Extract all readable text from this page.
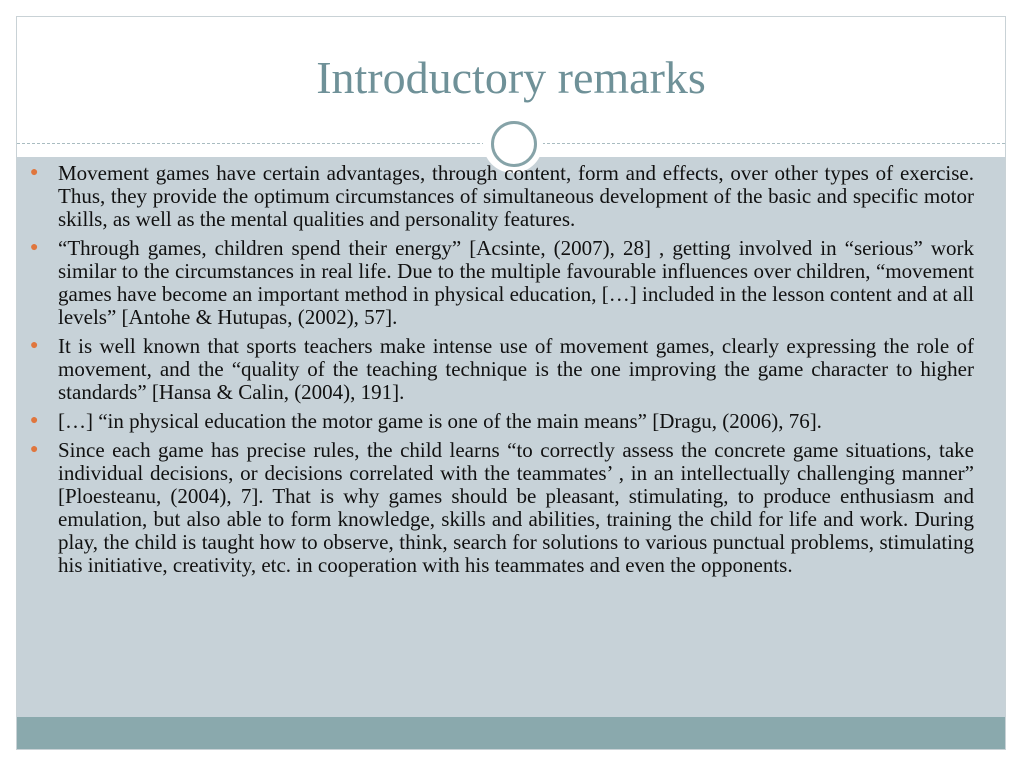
Introductory remarks
● Movement games have certain advantages, through content, form and effects, over other types of exercise. Thus, they provide the optimum circumstances of simultaneous development of the basic and specific motor skills, as well as the mental qualities and personality features.
● “Through games, children spend their energy” [Acsinte, (2007), 28] , getting involved in “serious” work similar to the circumstances in real life. Due to the multiple favourable influences over children, “movement games have become an important method in physical education, […] included in the lesson content and at all levels” [Antohe & Hutupas, (2002), 57].
● It is well known that sports teachers make intense use of movement games, clearly expressing the role of movement, and the “quality of the teaching technique is the one improving the game character to higher standards” [Hansa & Calin, (2004), 191].
● […] “in physical education the motor game is one of the main means” [Dragu, (2006), 76].
● Since each game has precise rules, the child learns “to correctly assess the concrete game situations, take individual decisions, or decisions correlated with the teammates’ , in an intellectually challenging manner” [Ploesteanu, (2004), 7]. That is why games should be pleasant, stimulating, to produce enthusiasm and emulation, but also able to form knowledge, skills and abilities, training the child for life and work. During play, the child is taught how to observe, think, search for solutions to various punctual problems, stimulating his initiative, creativity, etc. in cooperation with his teammates and even the opponents.
